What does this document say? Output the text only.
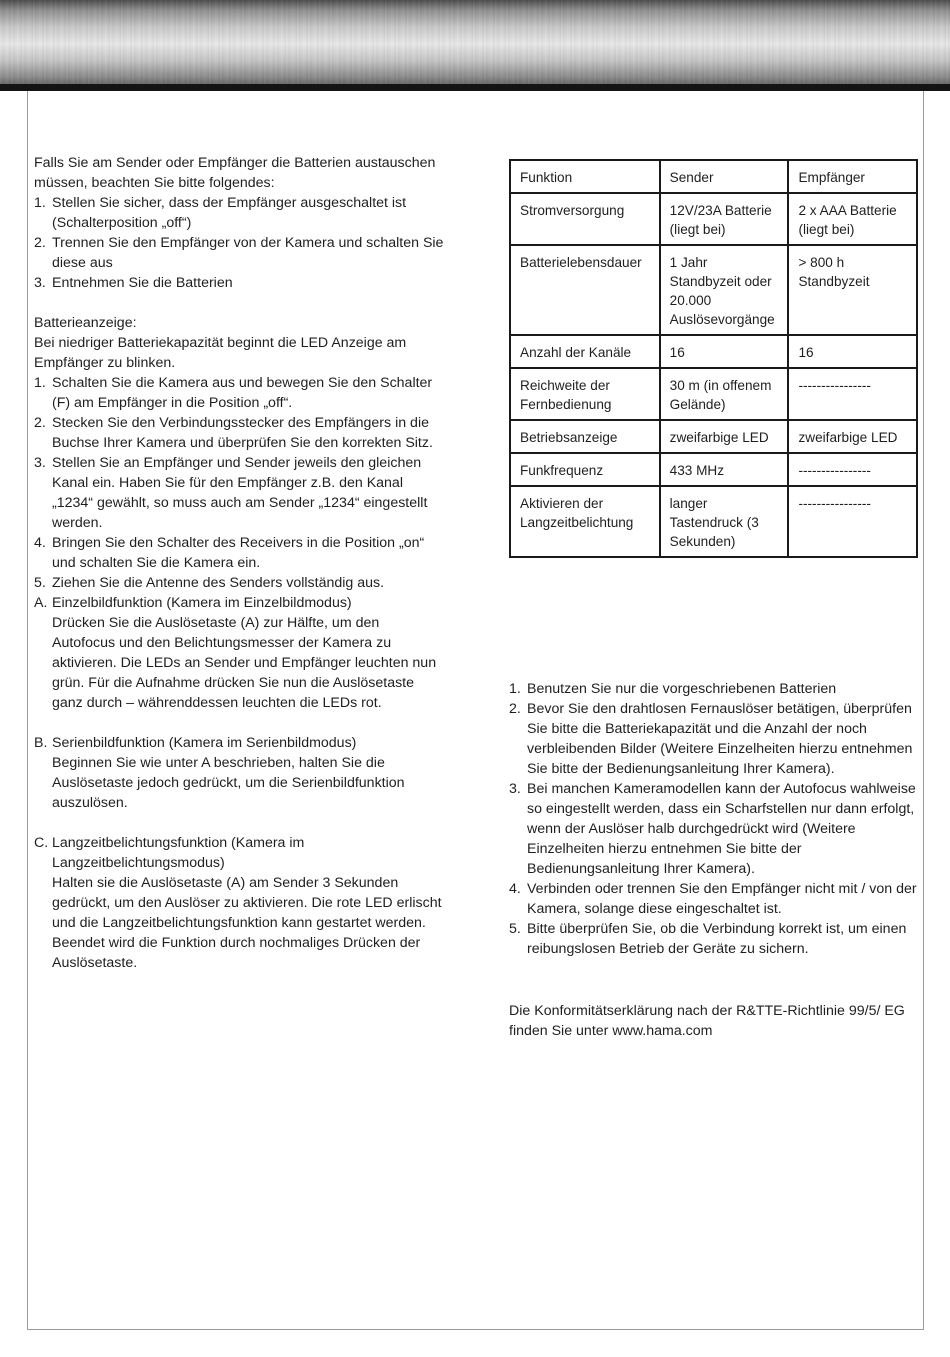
Falls Sie am Sender oder Empfänger die Batterien austauschen müssen, beachten Sie bitte folgendes:

1. Stellen Sie sicher, dass der Empfänger ausgeschaltet ist (Schalterposition „off“)
2. Trennen Sie den Empfänger von der Kamera und schalten Sie diese aus
3. Entnehmen Sie die Batterien

Batterieanzeige:

Bei niedriger Batteriekapazität beginnt die LED Anzeige am Empfänger zu blinken.

1. Schalten Sie die Kamera aus und bewegen Sie den Schalter (F) am Empfänger in die Position „off“.
2. Stecken Sie den Verbindungsstecker des Empfängers in die Buchse Ihrer Kamera und überprüfen Sie den korrekten Sitz.
3. Stellen Sie an Empfänger und Sender jeweils den gleichen Kanal ein. Haben Sie für den Empfänger z.B. den Kanal „1234“ gewählt, so muss auch am Sender „1234“ eingestellt werden.
4. Bringen Sie den Schalter des Receivers in die Position „on“ und schalten Sie die Kamera ein.
5. Ziehen Sie die Antenne des Senders vollständig aus.
A. Einzelbildfunktion (Kamera im Einzelbildmodus)
Drücken Sie die Auslösetaste (A) zur Hälfte, um den Autofocus und den Belichtungsmesser der Kamera zu aktivieren. Die LEDs an Sender und Empfänger leuchten nun grün. Für die Aufnahme drücken Sie nun die Auslösetaste ganz durch – währenddessen leuchten die LEDs rot.
B. Serienbildfunktion (Kamera im Serienbildmodus)
Beginnen Sie wie unter A beschrieben, halten Sie die Auslösetaste jedoch gedrückt, um die Serienbildfunktion auszulösen.
C. Langzeitbelichtungsfunktion (Kamera im Langzeitbelichtungsmodus)
Halten sie die Auslösetaste (A) am Sender 3 Sekunden gedrückt, um den Auslöser zu aktivieren. Die rote LED erlischt und die Langzeitbelichtungsfunktion kann gestartet werden. Beendet wird die Funktion durch nochmaliges Drücken der Auslösetaste.
Funktion	Sender	Empfänger
Stromversorgung	12V/23A Batterie (liegt bei)	2 x AAA Batterie (liegt bei)
Batterielebensdauer	1 Jahr Standbyzeit oder 20.000 Auslösevorgänge	> 800 h Standbyzeit
Anzahl der Kanäle	16	16
Reichweite der Fernbedienung	30 m (in offenem Gelände)	----------------
Betriebsanzeige	zweifarbige LED	zweifarbige LED
Funkfrequenz	433 MHz	----------------
Aktivieren der Langzeitbelichtung	langer Tastendruck (3 Sekunden)	----------------
1. Benutzen Sie nur die vorgeschriebenen Batterien
2. Bevor Sie den drahtlosen Fernauslöser betätigen, überprüfen Sie bitte die Batteriekapazität und die Anzahl der noch verbleibenden Bilder (Weitere Einzelheiten hierzu entnehmen Sie bitte der Bedienungsanleitung Ihrer Kamera).
3. Bei manchen Kameramodellen kann der Autofocus wahlweise so eingestellt werden, dass ein Scharfstellen nur dann erfolgt, wenn der Auslöser halb durchgedrückt wird (Weitere Einzelheiten hierzu entnehmen Sie bitte der Bedienungsanleitung Ihrer Kamera).
4. Verbinden oder trennen Sie den Empfänger nicht mit / von der Kamera, solange diese eingeschaltet ist.
5. Bitte überprüfen Sie, ob die Verbindung korrekt ist, um einen reibungslosen Betrieb der Geräte zu sichern.

Die Konformitätserklärung nach der R&TTE-Richtlinie 99/5/ EG finden Sie unter www.hama.com
